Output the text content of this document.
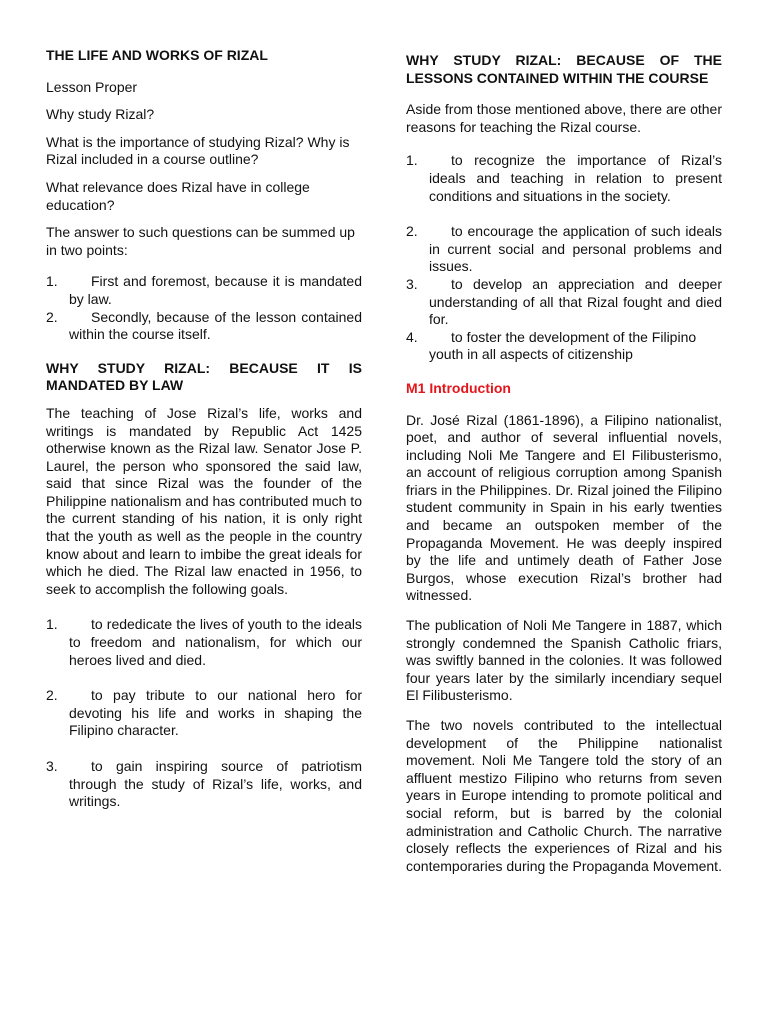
THE LIFE AND WORKS OF RIZAL
Lesson Proper
Why study Rizal?
What is the importance of studying Rizal? Why is Rizal included in a course outline?
What relevance does Rizal have in college education?
The answer to such questions can be summed up in two points:
1.	First and foremost, because it is mandated by law.
2.	Secondly, because of the lesson contained within the course itself.
WHY STUDY RIZAL: BECAUSE IT IS MANDATED BY LAW
The teaching of Jose Rizal’s life, works and writings is mandated by Republic Act 1425 otherwise known as the Rizal law. Senator Jose P. Laurel, the person who sponsored the said law, said that since Rizal was the founder of the Philippine nationalism and has contributed much to the current standing of his nation, it is only right that the youth as well as the people in the country know about and learn to imbibe the great ideals for which he died. The Rizal law enacted in 1956, to seek to accomplish the following goals.
1.	to rededicate the lives of youth to the ideals to freedom and nationalism, for which our heroes lived and died.
2.	to pay tribute to our national hero for devoting his life and works in shaping the Filipino character.
3.	to gain inspiring source of patriotism through the study of Rizal’s life, works, and writings.
WHY STUDY RIZAL: BECAUSE OF THE LESSONS CONTAINED WITHIN THE COURSE
Aside from those mentioned above, there are other reasons for teaching the Rizal course.
1.	to recognize the importance of Rizal’s ideals and teaching in relation to present conditions and situations in the society.
2.	to encourage the application of such ideals in current social and personal problems and issues.
3.	to develop an appreciation and deeper understanding of all that Rizal fought and died for.
4.	to foster the development of the Filipino youth in all aspects of citizenship
M1 Introduction
Dr. José Rizal (1861-1896), a Filipino nationalist, poet, and author of several influential novels, including Noli Me Tangere and El Filibusterismo, an account of religious corruption among Spanish friars in the Philippines. Dr. Rizal joined the Filipino student community in Spain in his early twenties and became an outspoken member of the Propaganda Movement. He was deeply inspired by the life and untimely death of Father Jose Burgos, whose execution Rizal’s brother had witnessed.
The publication of Noli Me Tangere in 1887, which strongly condemned the Spanish Catholic friars, was swiftly banned in the colonies. It was followed four years later by the similarly incendiary sequel El Filibusterismo.
The two novels contributed to the intellectual development of the Philippine nationalist movement. Noli Me Tangere told the story of an affluent mestizo Filipino who returns from seven years in Europe intending to promote political and social reform, but is barred by the colonial administration and Catholic Church. The narrative closely reflects the experiences of Rizal and his contemporaries during the Propaganda Movement.
